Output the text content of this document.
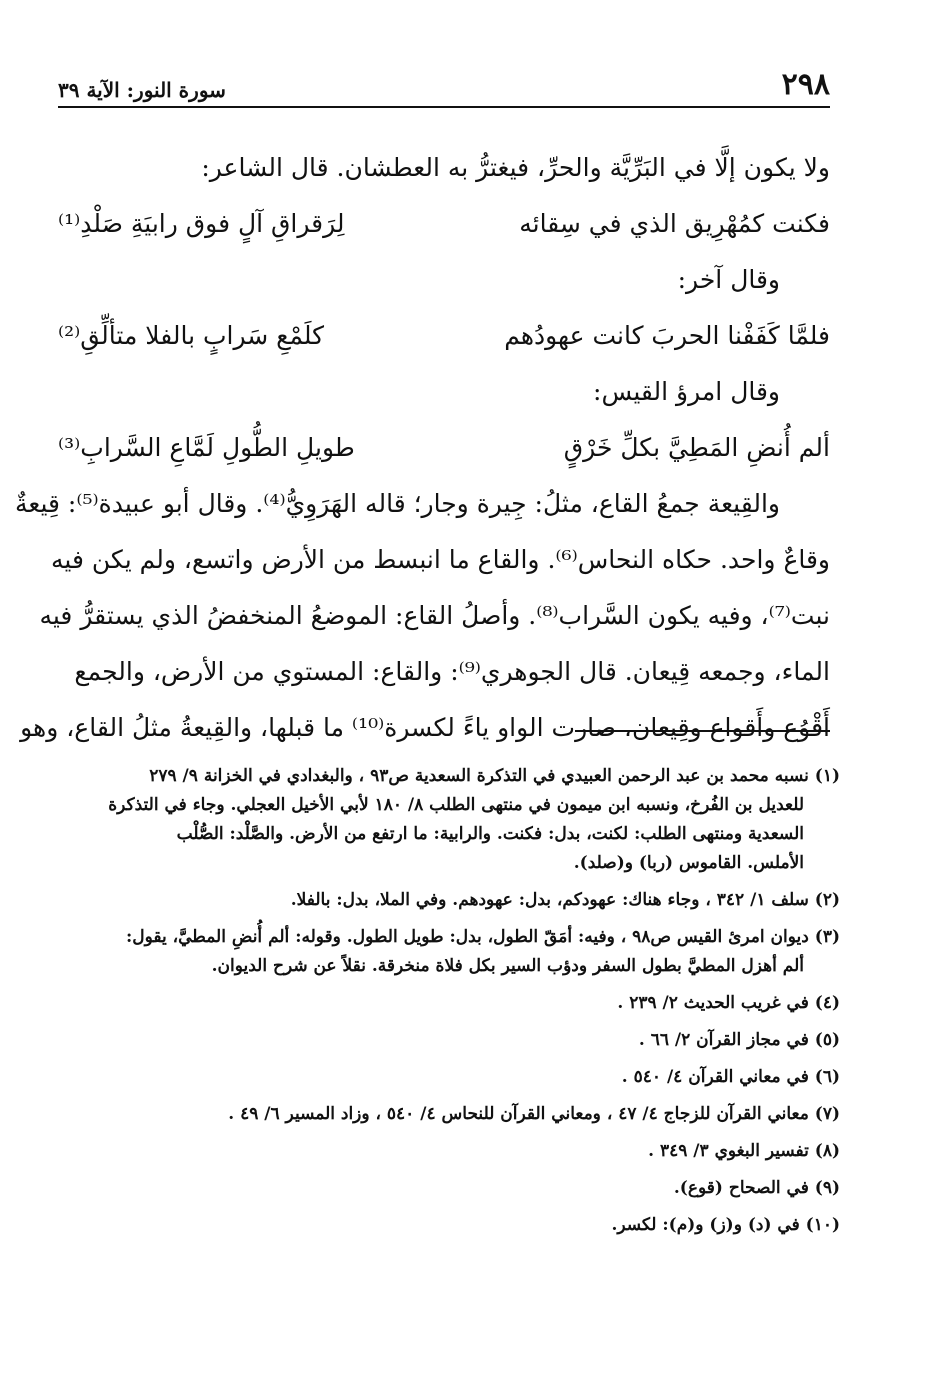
٢٩٨
سورة النور: الآية ٣٩
ولا يكون إلَّا في البَرِّيَّة والحرِّ، فيغترُّ به العطشان. قال الشاعر:
فكنت كمُهْرِيق الذي في سِقائه
لِرَقراقِ آلٍ فوق رابيَةِ صَلْدِ⁽¹⁾
وقال آخر:
فلمَّا كَفَفْنا الحربَ كانت عهودُهم
كلَمْعِ سَرابٍ بالفلا متألِّقِ⁽²⁾
وقال امرؤ القيس:
ألم أُنضِ المَطِيَّ بكلِّ خَرْقٍ
طويلِ الطُّولِ لَمَّاعِ السَّرابِ⁽³⁾
والقِيعة جمعُ القاع، مثلُ: جِيرة وجار؛ قاله الهَرَوِيُّ⁽⁴⁾. وقال أبو عبيدة⁽⁵⁾: قِيعةٌ
وقاعٌ واحد. حكاه النحاس⁽⁶⁾. والقاع ما انبسط من الأرض واتسع، ولم يكن فيه
نبت⁽⁷⁾، وفيه يكون السَّراب⁽⁸⁾. وأصلُ القاع: الموضعُ المنخفضُ الذي يستقرُّ فيه
الماء، وجمعه قِيعان. قال الجوهري⁽⁹⁾: والقاع: المستوي من الأرض، والجمع
أَقْوُع وأَقواع وقِيعان، صارت الواو ياءً لكسرة⁽¹⁰⁾ ما قبلها، والقِيعةُ مثلُ القاع، وهو
(١) نسبه محمد بن عبد الرحمن العبيدي في التذكرة السعدية ص٩٣ ، والبغدادي في الخزانة ٩/ ٢٧٩
للعديل بن الفُرخ، ونسبه ابن ميمون في منتهى الطلب ٨/ ١٨٠ لأبي الأخيل العجلي. وجاء في التذكرة
السعدية ومنتهى الطلب: لكنت، بدل: فكنت. والرابية: ما ارتفع من الأرض. والصَّلْد: الصُّلْب
الأملس. القاموس (ربا) و(صلد).
(٢) سلف ١/ ٣٤٢ ، وجاء هناك: عهودكم، بدل: عهودهم. وفي الملا، بدل: بالفلا.
(٣) ديوان امرئ القيس ص٩٨ ، وفيه: أمَقّ الطول، بدل: طويل الطول. وقوله: ألم أُنضِ المطيَّ، يقول:
ألم أهزل المطيَّ بطول السفر ودؤب السير بكل فلاة منخرقة. نقلاً عن شرح الديوان.
(٤) في غريب الحديث ٢/ ٢٣٩ .
(٥) في مجاز القرآن ٢/ ٦٦ .
(٦) في معاني القرآن ٤/ ٥٤٠ .
(٧) معاني القرآن للزجاج ٤/ ٤٧ ، ومعاني القرآن للنحاس ٤/ ٥٤٠ ، وزاد المسير ٦/ ٤٩ .
(٨) تفسير البغوي ٣/ ٣٤٩ .
(٩) في الصحاح (قوع).
(١٠) في (د) و(ز) و(م): لكسر.
